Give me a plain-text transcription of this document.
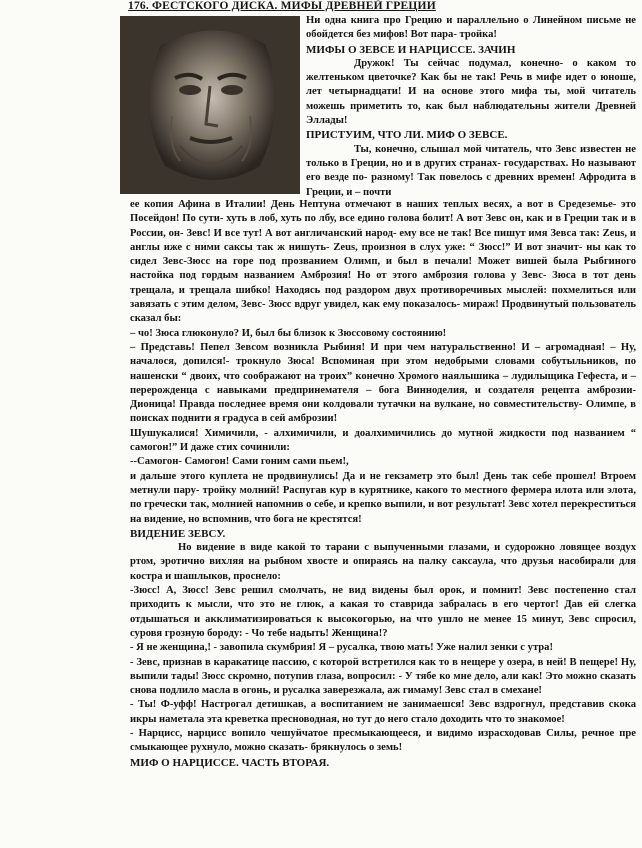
176. ФЕСТСКОГО ДИСКА. МИФЫ ДРЕВНЕЙ ГРЕЦИИ

Ни одна книга про Грецию и параллельно о Линейном письме не обойдется без мифов! Вот пара- тройка!

МИФЫ О ЗЕВСЕ И НАРЦИССЕ. ЗАЧИН

Дружок! Ты сейчас подумал, конечно- о каком то желтеньком цветочке? Как бы не так! Речь в мифе идет о юноше, лет четырнадцати! И на основе этого мифа ты, мой читатель можешь приметить то, как был наблюдательны жители Древней Эллады!

ПРИСТУИМ, ЧТО ЛИ. МИФ О ЗЕВСЕ.

Ты, конечно, слышал мой читатель, что Зевс известен не только в Греции, но и в других странах- государствах. Но называют его везде по- разному! Так повелось с древних времен! Афродита в Греции, и – почти

ее копия Афина в Италии! День Нептуна отмечают в наших теплых весях, а вот в Средеземье- это Посейдон! По сути- хуть в лоб, хуть по лбу, все едино голова болит! А вот Зевс он, как и в Греции так и в России, он- Зевс! И все тут! А вот англичанский народ- ему все не так! Все пишут имя Зевса так: Zeus, и англы иже с ними саксы так ж нишуть- Zeus, произноя в слух уже: “ Зюсс!” И вот значит- ны как то сидел Зевс-Зюсс на горе под прозванием Олимп, и был в печали! Может вишей была Рыбгиного настойка под гордым названием Амброзия! Но от этого амброзия голова у Зевс- Зюса в тот день трещала, и трещала шибко! Находясь под раздором двух противоречивых мыслей: похмелиться или завязать с этим делом, Зевс- Зюсс вдруг увидел, как ему показалось- мираж! Продвинутый пользователь сказал бы:

– чо! Зюса глюконуло? И, был бы близок к Зюссовому состоянию!

– Представь! Пепел Зевсом возникла Рыбиня! И при чем натуральственно! И – агромадная! – Ну, началося, допился!- трокнуло Зюса! Вспоминая при этом недобрыми словами собутыльников, по нашенски “ двоих, что соображают на троих” конечно Хромого наялышика – лудилыщика Гефеста, и – перерожденца с навыками предпринемателя – бога Винноделия, и создателя рецепта амброзии- Дионица! Правда последнее время они колдовали тутачки на вулкане, но совместительству- Олимпе, в поисках поднити я градуса в сей амброзии!

Шушукалися! Химичили, - алхимичили, и доалхимичились до мутной жидкости под названием “ самогон!” И даже стих сочинили:

--Самогон- Самогон! Сами гоним сами пьем!,

и дальше этого куплета не продвинулись! Да и не гекзаметр это был! День так себе прошел! Втроем метнули пару- тройку молний! Распугав кур в курятнике, какого то местного фермера илота или элота, по гречески так, молнией напомнив о себе, и крепко выпили, и вот результат! Зевс хотел перекреститься на видение, но вспомнив, что бога не крестятся!

ВИДЕНИЕ ЗЕВСУ.

Но видение в виде какой то тарани с выпученными глазами, и судорожно ловящее воздух ртом, эротично вихляя на рыбном хвосте и опираясь на палку саксаула, что друзья насобирали для костра и шашлыков, проснело:

-Зюсс! А, Зюсс! Зевс решил смолчать, не вид видены был орок, и помнит! Зевс постепенно стал приходить к мысли, что это не глюк, а какая то ставрида забралась в его чертог! Дав ей слегка отдышаться и акклиматизироваться к высокогорью, на что ушло не менее 15 минут, Зевс спросил, суровя грозную бороду: - Чо тебе надыть! Женщина!?

- Я не женщина,! - завопила скумбрия! Я – русалка, твою мать! Уже налил зенки с утра!

- Зевс, признав в каракатице пассию, с которой встретился как то в нещере у озера, в ней! В пещере! Ну, выпили тады! Зюсс скромно, потупив глаза, вопросил: - У тябе ко мне дело, али как! Это можно сказать снова подлило масла в огонь, и русалка заверезжала, аж гимаму! Зевс стал в смехане!

- Ты! Ф-уфф! Настрогал детишкав, а воспитанием не занимаешся! Зевс вздрогнул, представив скока икры наметала эта креветка пресноводная, но тут до него стало доходить что то знакомое!

- Нарцисс, нарцисс вопило чешуйчатое пресмыкающееся, и видимо израсходовав Силы, речное пре смыкающее рухнуло, можно сказать- брякнулось о земь!

МИФ О НАРЦИССЕ. ЧАСТЬ ВТОРАЯ.
